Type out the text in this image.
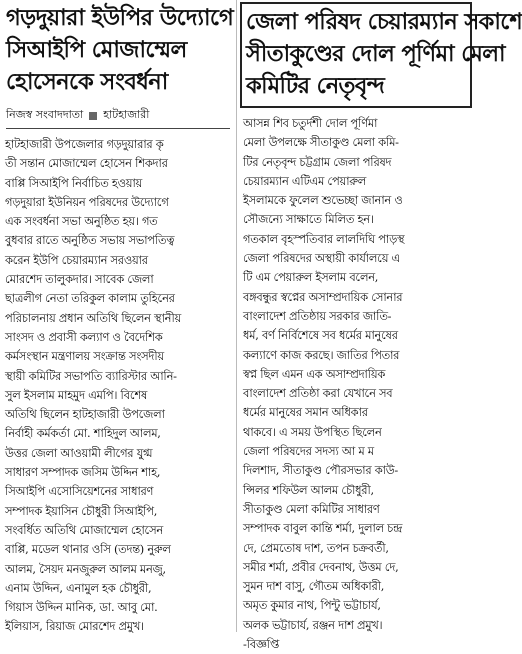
গড়দুয়ারা ইউপির উদ্যোগে

সিআইপি মোজাম্মেল

হোসেনকে সংবর্ধনা

নিজস্ব সংবাদদাতা হাটহাজারী
হাটহাজারী উপজেলার গড়দুয়ারার কৃ
তী সন্তান মোজাম্মেল হোসেন শিকদার
বাপ্পি সিআইপি নির্বাচিত হওয়ায়
গড়দুয়ারা ইউনিয়ন পরিষদের উদ্যোগে
এক সংবর্ধনা সভা অনুষ্ঠিত হয়। গত
বুধবার রাতে অনুষ্ঠিত সভায় সভাপতিত্ব
করেন ইউপি চেয়ারম্যান সরওয়ার
মোরশেদ তালুকদার। সাবেক জেলা
ছাত্রলীগ নেতা তরিকুল কালাম তুহিনের
পরিচালনায় প্রধান অতিথি ছিলেন স্থানীয়
সাংসদ ও প্রবাসী কল্যাণ ও বৈদেশিক
কর্মসংস্থান মন্ত্রণালয় সংক্রান্ত সংসদীয়
স্থায়ী কমিটির সভাপতি ব্যারিস্টার আনি-
সুল ইসলাম মাহমুদ এমপি। বিশেষ
অতিথি ছিলেন হাটহাজারী উপজেলা
নির্বাহী কর্মকর্তা মো. শাহিদুল আলম,
উত্তর জেলা আওয়ামী লীগের যুগ্ম
সাধারণ সম্পাদক জসিম উদ্দিন শাহ,
সিআইপি এসোসিয়েশনের সাধারণ
সম্পাদক ইয়াসিন চৌধুরী সিআইপি,
সংবর্ধিত অতিথি মোজাম্মেল হোসেন
বাপ্পি, মডেল থানার ওসি (তদন্ত) নুরুল
আলম, সৈয়দ মনজুরুল আলম মনজু,
এনাম উদ্দিন, এনামুল হক চৌধুরী,
গিয়াস উদ্দিন মানিক, ডা. আবু মো.
ইলিয়াস, রিয়াজ মোরশেদ প্রমুখ।

জেলা পরিষদ চেয়ারম্যান সকাশে

সীতাকুণ্ডের দোল পূর্ণিমা মেলা

কমিটির নেতৃবৃন্দ

আসন্ন শিব চতুর্দশী দোল পূর্ণিমা
মেলা উপলক্ষে সীতাকুণ্ড মেলা কমি-
টির নেতৃবৃন্দ চট্টগ্রাম জেলা পরিষদ
চেয়ারম্যান এটিএম পেয়ারুল
ইসলামকে ফুলেল শুভেচ্ছা জানান ও
সৌজন্যে সাক্ষাতে মিলিত হন।
গতকাল বৃহস্পতিবার লালদিঘি পাড়স্থ
জেলা পরিষদের অস্থায়ী কার্যালয়ে এ
টি এম পেয়ারুল ইসলাম বলেন,
বঙ্গবন্ধুর স্বপ্নের অসাম্প্রদায়িক সোনার
বাংলাদেশ প্রতিষ্ঠায় সরকার জাতি-
ধর্ম, বর্ণ নির্বিশেষে সব ধর্মের মানুষের
কল্যাণে কাজ করছে। জাতির পিতার
স্বপ্ন ছিল এমন এক অসাম্প্রদায়িক
বাংলাদেশ প্রতিষ্ঠা করা যেখানে সব
ধর্মের মানুষের সমান অধিকার
থাকবে। এ সময় উপস্থিত ছিলেন
জেলা পরিষদের সদস্য আ ম ম
দিলশাদ, সীতাকুণ্ড পৌরসভার কাউ-
ন্সিলর শফিউল আলম চৌধুরী,
সীতাকুণ্ড মেলা কমিটির সাধারণ
সম্পাদক বাবুল কান্তি শর্মা, দুলাল চন্দ্র
দে, প্রেমতোষ দাশ, তপন চক্রবর্তী,
সমীর শর্মা, প্রবীর দেবনাথ, উত্তম দে,
সুমন দাশ বাসু, গৌতম অধিকারী,
অমৃত কুমার নাথ, পিন্টু ভট্টাচার্য,
অলক ভট্টাচার্য, রঞ্জন দাশ প্রমুখ।
-বিজ্ঞপ্তি
